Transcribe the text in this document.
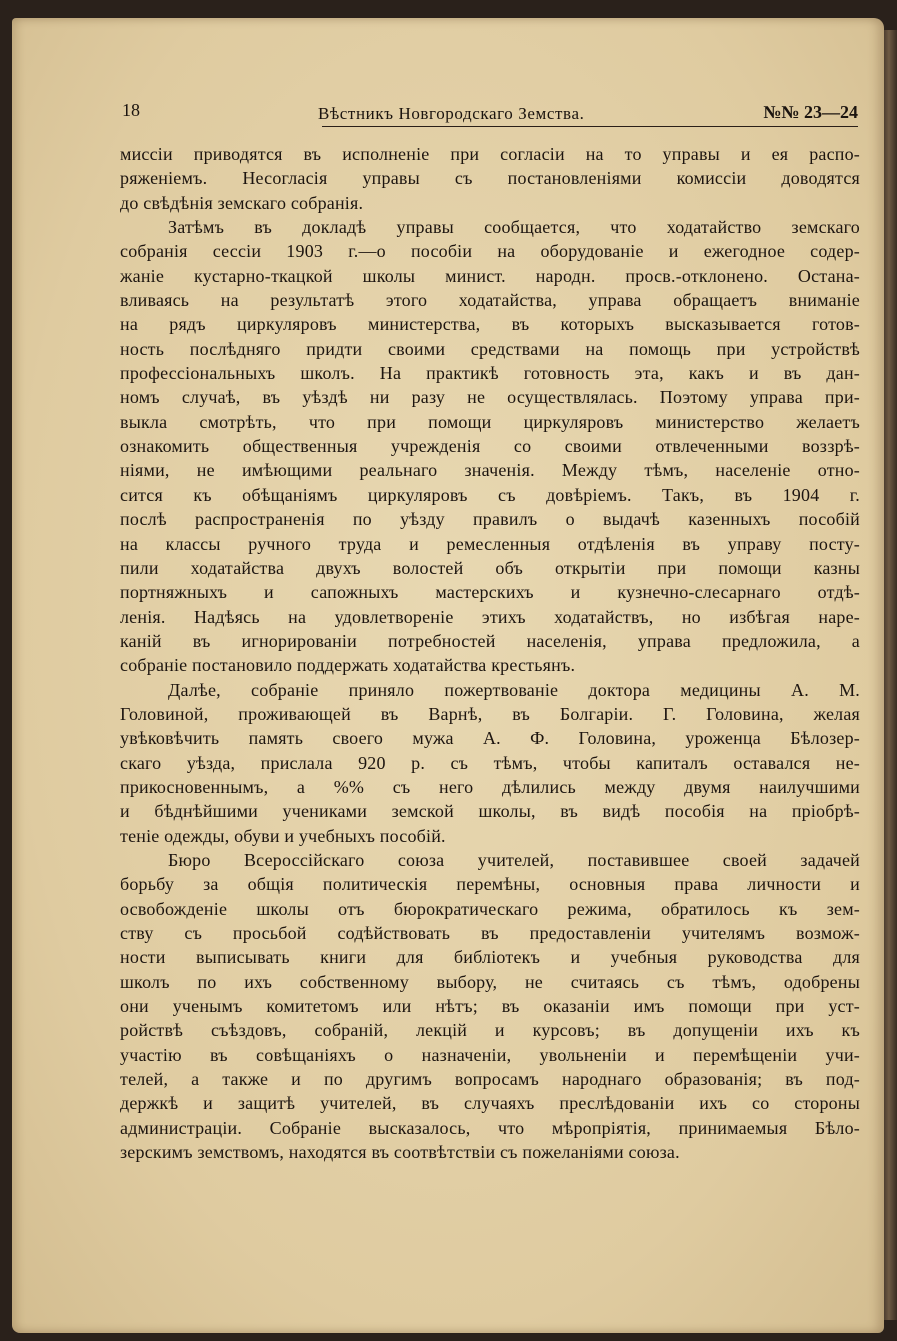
18	Вѣстникъ Новгородскаго Земства.	№№ 23—24
миссіи приводятся въ исполненіе при согласіи на то управы и ея распо-
ряженіемъ. Несогласія управы съ постановленіями комиссіи доводятся
до свѣдѣнія земскаго собранія.
Затѣмъ въ докладѣ управы сообщается, что ходатайство земскаго
собранія сессіи 1903 г.—о пособіи на оборудованіе и ежегодное содер-
жаніе кустарно-ткацкой школы минист. народн. просв.-отклонено. Остана-
вливаясь на результатѣ этого ходатайства, управа обращаетъ вниманіе
на рядъ циркуляровъ министерства, въ которыхъ высказывается готов-
ность послѣдняго придти своими средствами на помощь при устройствѣ
профессіональныхъ школъ. На практикѣ готовность эта, какъ и въ дан-
номъ случаѣ, въ уѣздѣ ни разу не осуществлялась. Поэтому управа при-
выкла смотрѣть, что при помощи циркуляровъ министерство желаетъ
ознакомить общественныя учрежденія со своими отвлеченными воззрѣ-
ніями, не имѣющими реальнаго значенія. Между тѣмъ, населеніе отно-
сится къ обѣщаніямъ циркуляровъ съ довѣріемъ. Такъ, въ 1904 г.
послѣ распространенія по уѣзду правилъ о выдачѣ казенныхъ пособій
на классы ручного труда и ремесленныя отдѣленія въ управу посту-
пили ходатайства двухъ волостей объ открытіи при помощи казны
портняжныхъ и сапожныхъ мастерскихъ и кузнечно-слесарнаго отдѣ-
ленія. Надѣясь на удовлетвореніе этихъ ходатайствъ, но избѣгая наре-
каній въ игнорированіи потребностей населенія, управа предложила, а
собраніе постановило поддержать ходатайства крестьянъ.
Далѣе, собраніе приняло пожертвованіе доктора медицины А. М.
Головиной, проживающей въ Варнѣ, въ Болгаріи. Г. Головина, желая
увѣковѣчить память своего мужа А. Ф. Головина, уроженца Бѣлозер-
скаго уѣзда, прислала 920 р. съ тѣмъ, чтобы капиталъ оставался не-
прикосновеннымъ, а %% съ него дѣлились между двумя наилучшими
и бѣднѣйшими учениками земской школы, въ видѣ пособія на пріобрѣ-
теніе одежды, обуви и учебныхъ пособій.
Бюро Всероссійскаго союза учителей, поставившее своей задачей
борьбу за общія политическія перемѣны, основныя права личности и
освобожденіе школы отъ бюрократическаго режима, обратилось къ зем-
ству съ просьбой содѣйствовать въ предоставленіи учителямъ возмож-
ности выписывать книги для библіотекъ и учебныя руководства для
школъ по ихъ собственному выбору, не считаясь съ тѣмъ, одобрены
они ученымъ комитетомъ или нѣтъ; въ оказаніи имъ помощи при уст-
ройствѣ съѣздовъ, собраній, лекцій и курсовъ; въ допущеніи ихъ къ
участію въ совѣщаніяхъ о назначеніи, увольненіи и перемѣщеніи учи-
телей, а также и по другимъ вопросамъ народнаго образованія; въ под-
держкѣ и защитѣ учителей, въ случаяхъ преслѣдованіи ихъ со стороны
администраціи. Собраніе высказалось, что мѣропріятія, принимаемыя Бѣло-
зерскимъ земствомъ, находятся въ соотвѣтствіи съ пожеланіями союза.
